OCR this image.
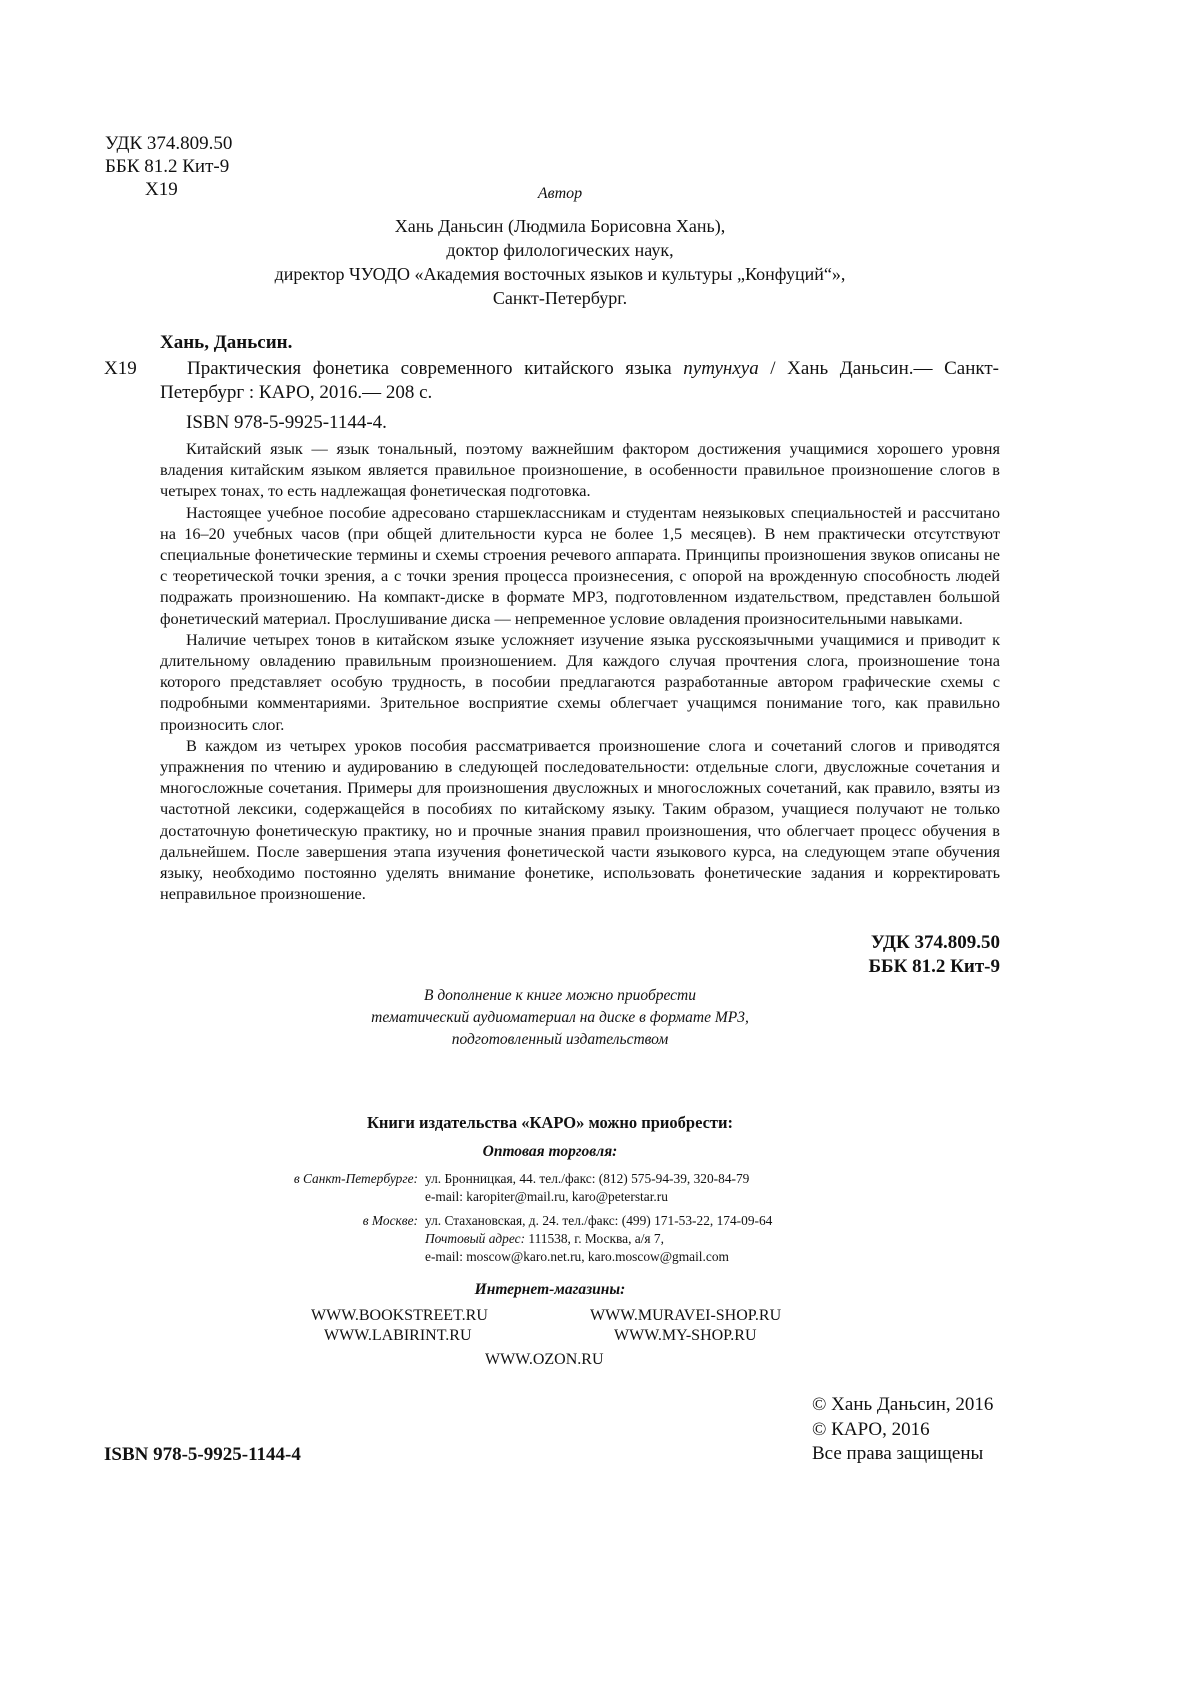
УДК 374.809.50
ББК 81.2 Кит-9
Х19	Автор
Хань Даньсин (Людмила Борисовна Хань),
доктор филологических наук,
директор ЧУОДО «Академия восточных языков и культуры „Конфуций“»,
Санкт-Петербург.
Хань, Даньсин.
Х19	Практическия фонетика современного китайского языка путунхуа / Хань Даньсин.— Санкт-
Петербург : КАРО, 2016.— 208 с.
ISBN 978-5-9925-1144-4.

Китайский язык — язык тональный, поэтому важнейшим фактором достижения учащимися хорошего уровня владения китайским языком является правильное произношение, в особенности правильное произношение слогов в четырех тонах, то есть надлежащая фонетическая подготовка.

Настоящее учебное пособие адресовано старшеклассникам и студентам неязыковых специальностей и рассчитано на 16–20 учебных часов (при общей длительности курса не более 1,5 месяцев). В нем практически отсутствуют специальные фонетические термины и схемы строения речевого аппарата. Принципы произношения звуков описаны не с теоретической точки зрения, а с точки зрения процесса произнесения, с опорой на врожденную способность людей подражать произношению. На компакт-диске в формате MP3, подготовленном издательством, представлен большой фонетический материал. Прослушивание диска — непременное условие овладения произносительными навыками.

Наличие четырех тонов в китайском языке усложняет изучение языка русскоязычными учащимися и приводит к длительному овладению правильным произношением. Для каждого случая прочтения слога, произношение тона которого представляет особую трудность, в пособии предлагаются разработанные автором графические схемы с подробными комментариями. Зрительное восприятие схемы облегчает учащимся понимание того, как правильно произносить слог.

В каждом из четырех уроков пособия рассматривается произношение слога и сочетаний слогов и приводятся упражнения по чтению и аудированию в следующей последовательности: отдельные слоги, двусложные сочетания и многосложные сочетания. Примеры для произношения двусложных и многосложных сочетаний, как правило, взяты из частотной лексики, содержащейся в пособиях по китайскому языку. Таким образом, учащиеся получают не только достаточную фонетическую практику, но и прочные знания правил произношения, что облегчает процесс обучения в дальнейшем. После завершения этапа изучения фонетической части языкового курса, на следующем этапе обучения языку, необходимо постоянно уделять внимание фонетике, использовать фонетические задания и корректировать неправильное произношение.

УДК 374.809.50
ББК 81.2 Кит-9
В дополнение к книге можно приобрести
тематический аудиоматериал на диске в формате MP3,
подготовленный издательством
Книги издательства «КАРО» можно приобрести:
Оптовая торговля:
в Санкт-Петербурге: ул. Бронницкая, 44. тел./факс: (812) 575-94-39, 320-84-79
e-mail: karopiter@mail.ru, karo@peterstar.ru
в Москве: ул. Стахановская, д. 24. тел./факс: (499) 171-53-22, 174-09-64
Почтовый адрес: 111538, г. Москва, а/я 7,
e-mail: moscow@karo.net.ru, karo.moscow@gmail.com
Интернет-магазины:
WWW.BOOKSTREET.RU	WWW.MURAVEI-SHOP.RU
WWW.LABIRINT.RU	WWW.MY-SHOP.RU
WWW.OZON.RU
© Хань Даньсин, 2016
© КАРО, 2016
Все права защищены
ISBN 978-5-9925-1144-4
